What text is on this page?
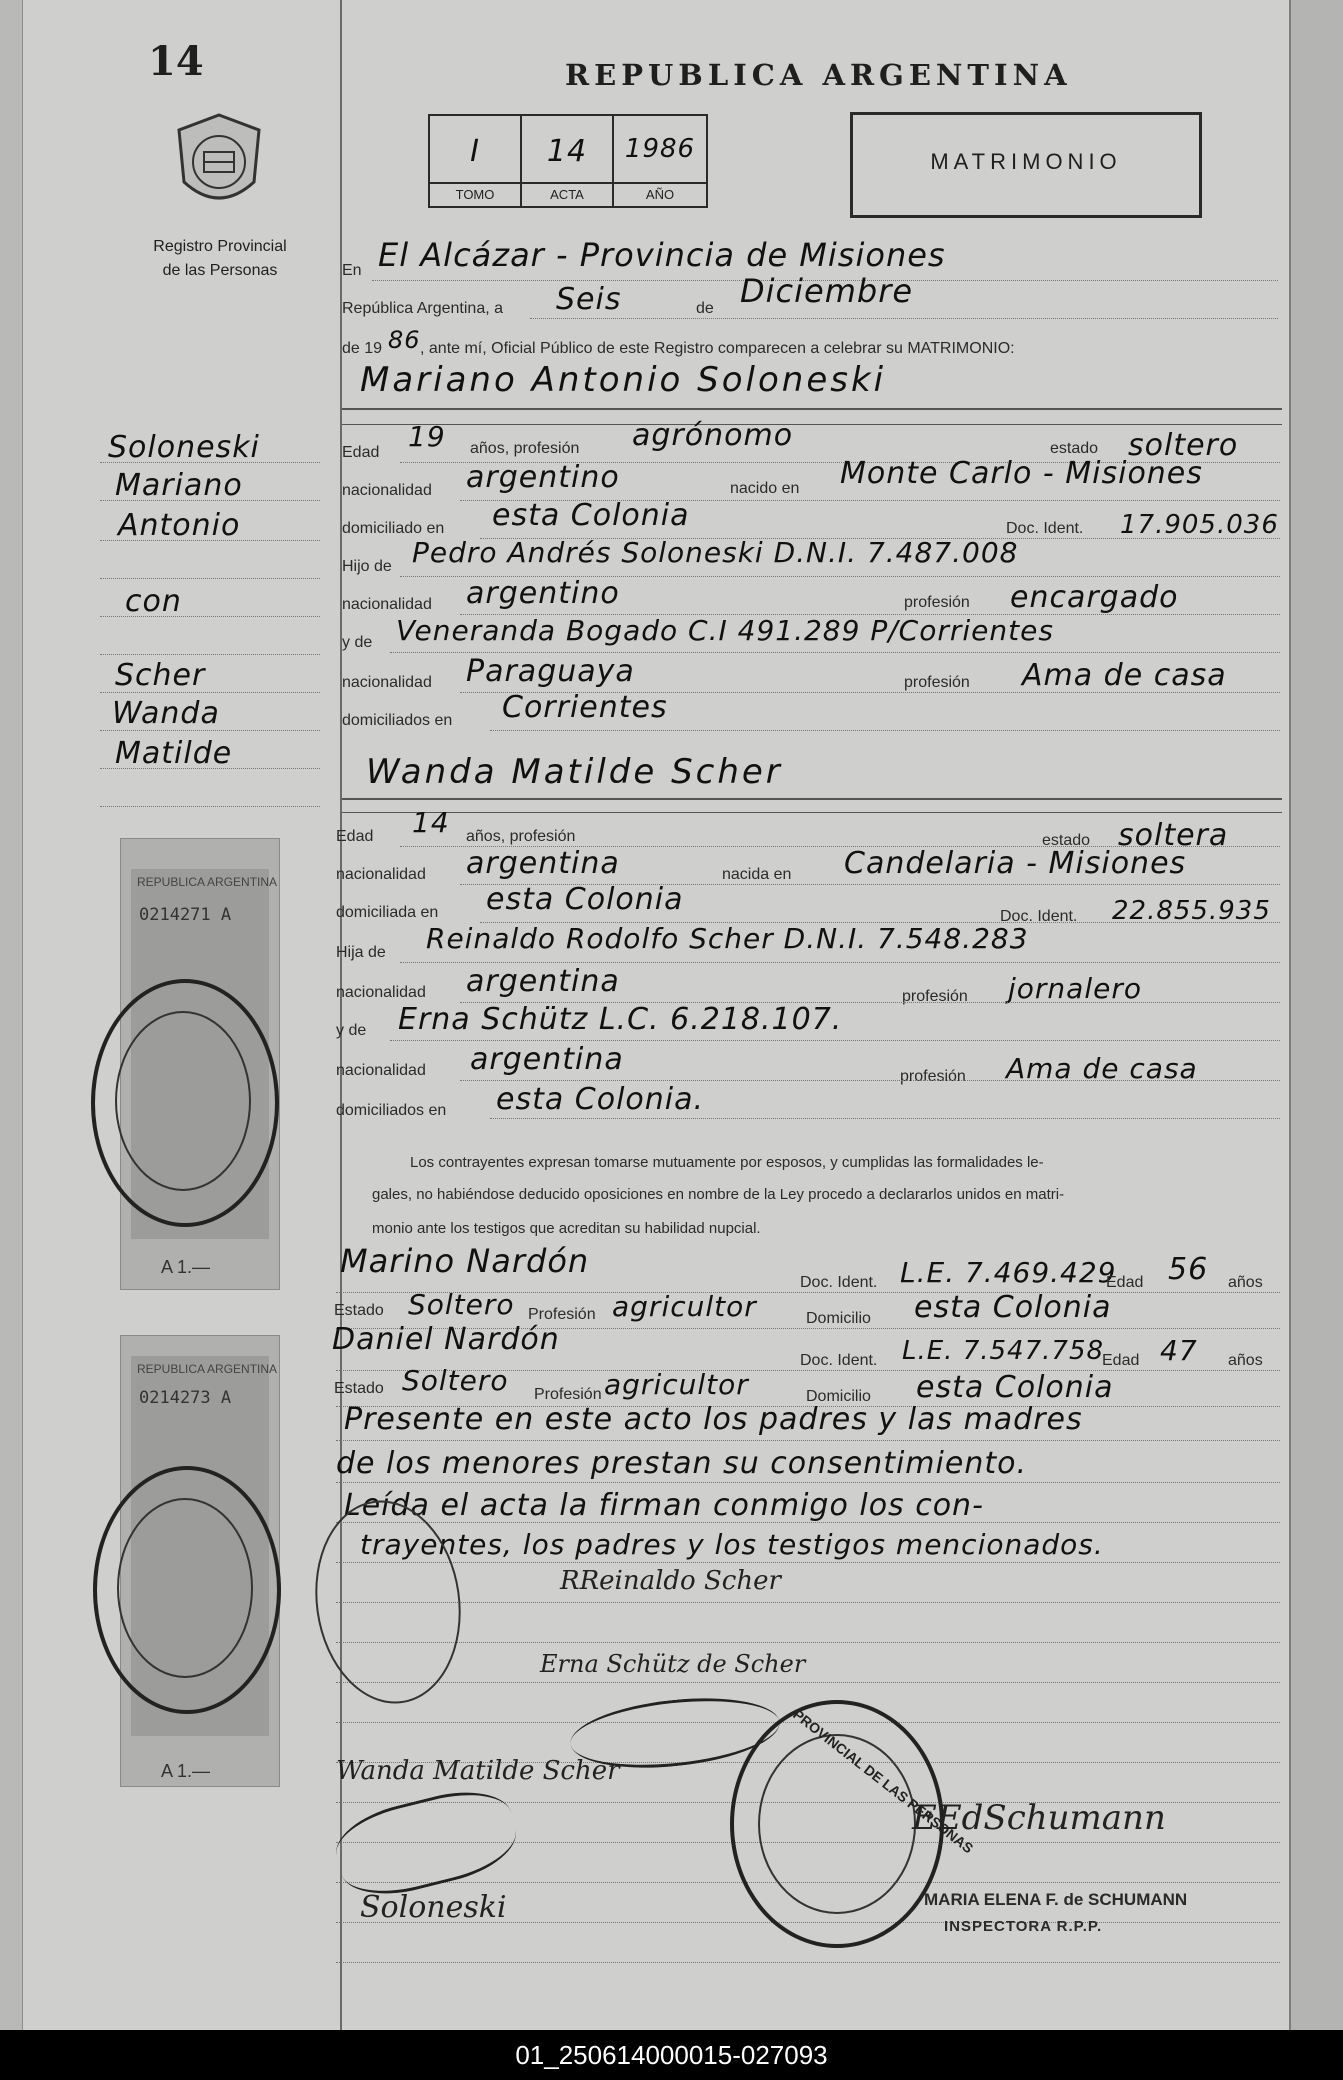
14
Registro Provincial
de las Personas
REPUBLICA ARGENTINA
I
TOMO
14
ACTA
1986
AÑO
MATRIMONIO
Soloneski
Mariano
Antonio
con
Scher
Wanda
Matilde
REPUBLICA ARGENTINA
0214271 A
A 1.—
REPUBLICA ARGENTINA
0214273 A
A 1.—
En El Alcázar - Provincia de Misiones
República Argentina, a Seis	de Diciembre
de 19 86 , ante mí, Oficial Público de este Registro comparecen a celebrar su MATRIMONIO:
Mariano Antonio Soloneski
Edad 19 años, profesión agrónomo	estado soltero
nacionalidad argentino	nacido en Monte Carlo - Misiones
domiciliado en esta Colonia	Doc. Ident. 17.905.036
Hijo de Pedro Andrés Soloneski D.N.I. 7.487.008
nacionalidad argentino	profesión encargado
y de Veneranda Bogado C.I 491.289 P/Corrientes
nacionalidad Paraguaya	profesión Ama de casa
domiciliados en Corrientes
Wanda Matilde Scher
Edad 14 años, profesión	estado soltera
nacionalidad argentina	nacida en Candelaria - Misiones
domiciliada en esta Colonia	Doc. Ident. 22.855.935
Hija de Reinaldo Rodolfo Scher D.N.I. 7.548.283
nacionalidad argentina	profesión jornalero
y de Erna Schütz L.C. 6.218.107.
nacionalidad argentina	profesión Ama de casa
domiciliados en esta Colonia.
Los contrayentes expresan tomarse mutuamente por esposos, y cumplidas las formalidades le-
gales, no habiéndose deducido oposiciones en nombre de la Ley procedo a declararlos unidos en matri-
monio ante los testigos que acreditan su habilidad nupcial.
Marino Nardón
Doc. Ident. L.E. 7.469.429
Edad 56 años
Estado Soltero Profesión agricultor	Domicilio esta Colonia
Daniel Nardón
Doc. Ident. L.E. 7.547.758
Edad 47 años
Estado Soltero Profesión agricultor	Domicilio esta Colonia
Presente en este acto los padres y las madres
de los menores prestan su consentimiento.
Leída el acta la firman conmigo los con-
trayentes, los padres y los testigos mencionados.
RReinaldo Scher
Erna Schütz de Scher
Wanda Matilde Scher
Soloneski
PROVINCIAL DE LAS PERSONAS
EEdSchumann
MARIA ELENA F. de SCHUMANN
INSPECTORA R.P.P.
01_250614000015-027093
